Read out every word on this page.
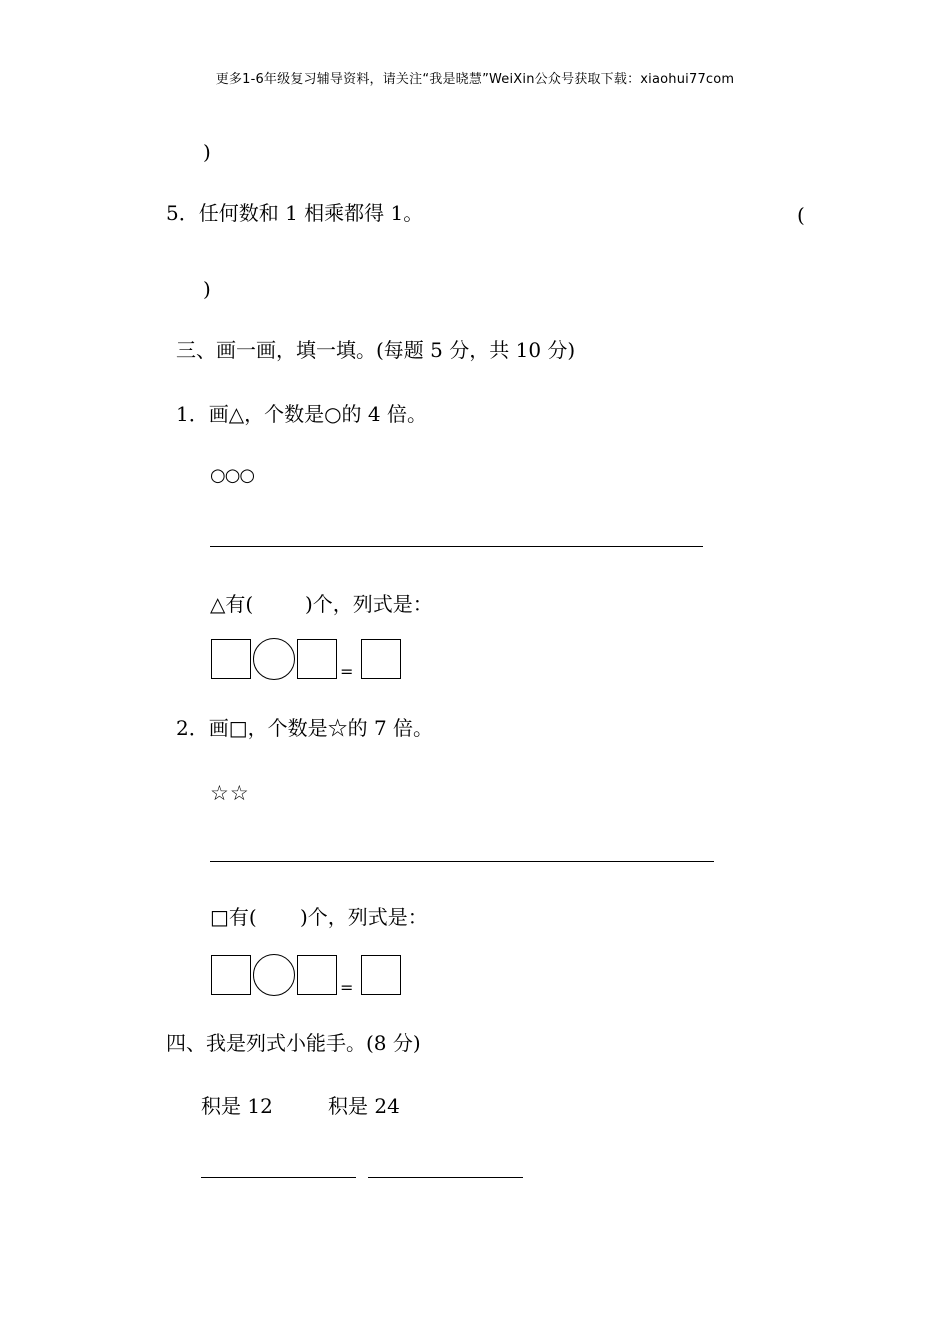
更多1-6年级复习辅导资料，请关注“我是晓慧”WeiXin公众号获取下载：xiaohui77com
)
5．任何数和 1 相乘都得 1。	(
)
三、画一画，填一填。(每题 5 分，共 10 分)
1．画△，个数是○的 4 倍。
○○○
△有(	)个，列式是：
=
2．画□，个数是☆的 7 倍。
☆☆
□有( )个，列式是：
=
四、我是列式小能手。(8 分)
积是 12	积是 24
